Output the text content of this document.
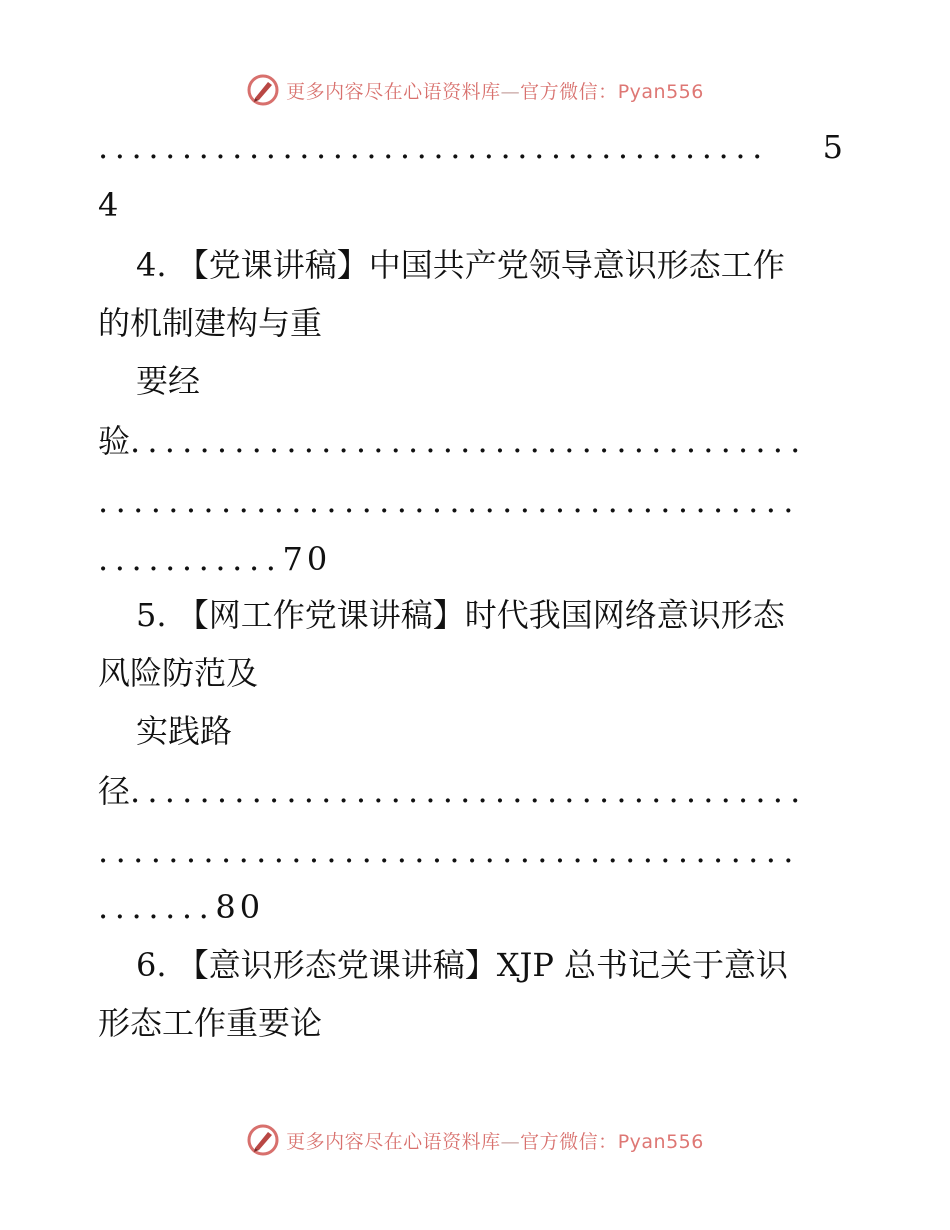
更多内容尽在心语资料库—官方微信：Pyan556
........................................ 5
4
4. 【党课讲稿】中国共产党领导意识形态工作
的机制建构与重
要经
验.......................................
........................................
...........70
5. 【网工作党课讲稿】时代我国网络意识形态
风险防范及
实践路
径.......................................
........................................
.......80
6. 【意识形态党课讲稿】XJP 总书记关于意识
形态工作重要论
更多内容尽在心语资料库—官方微信：Pyan556
